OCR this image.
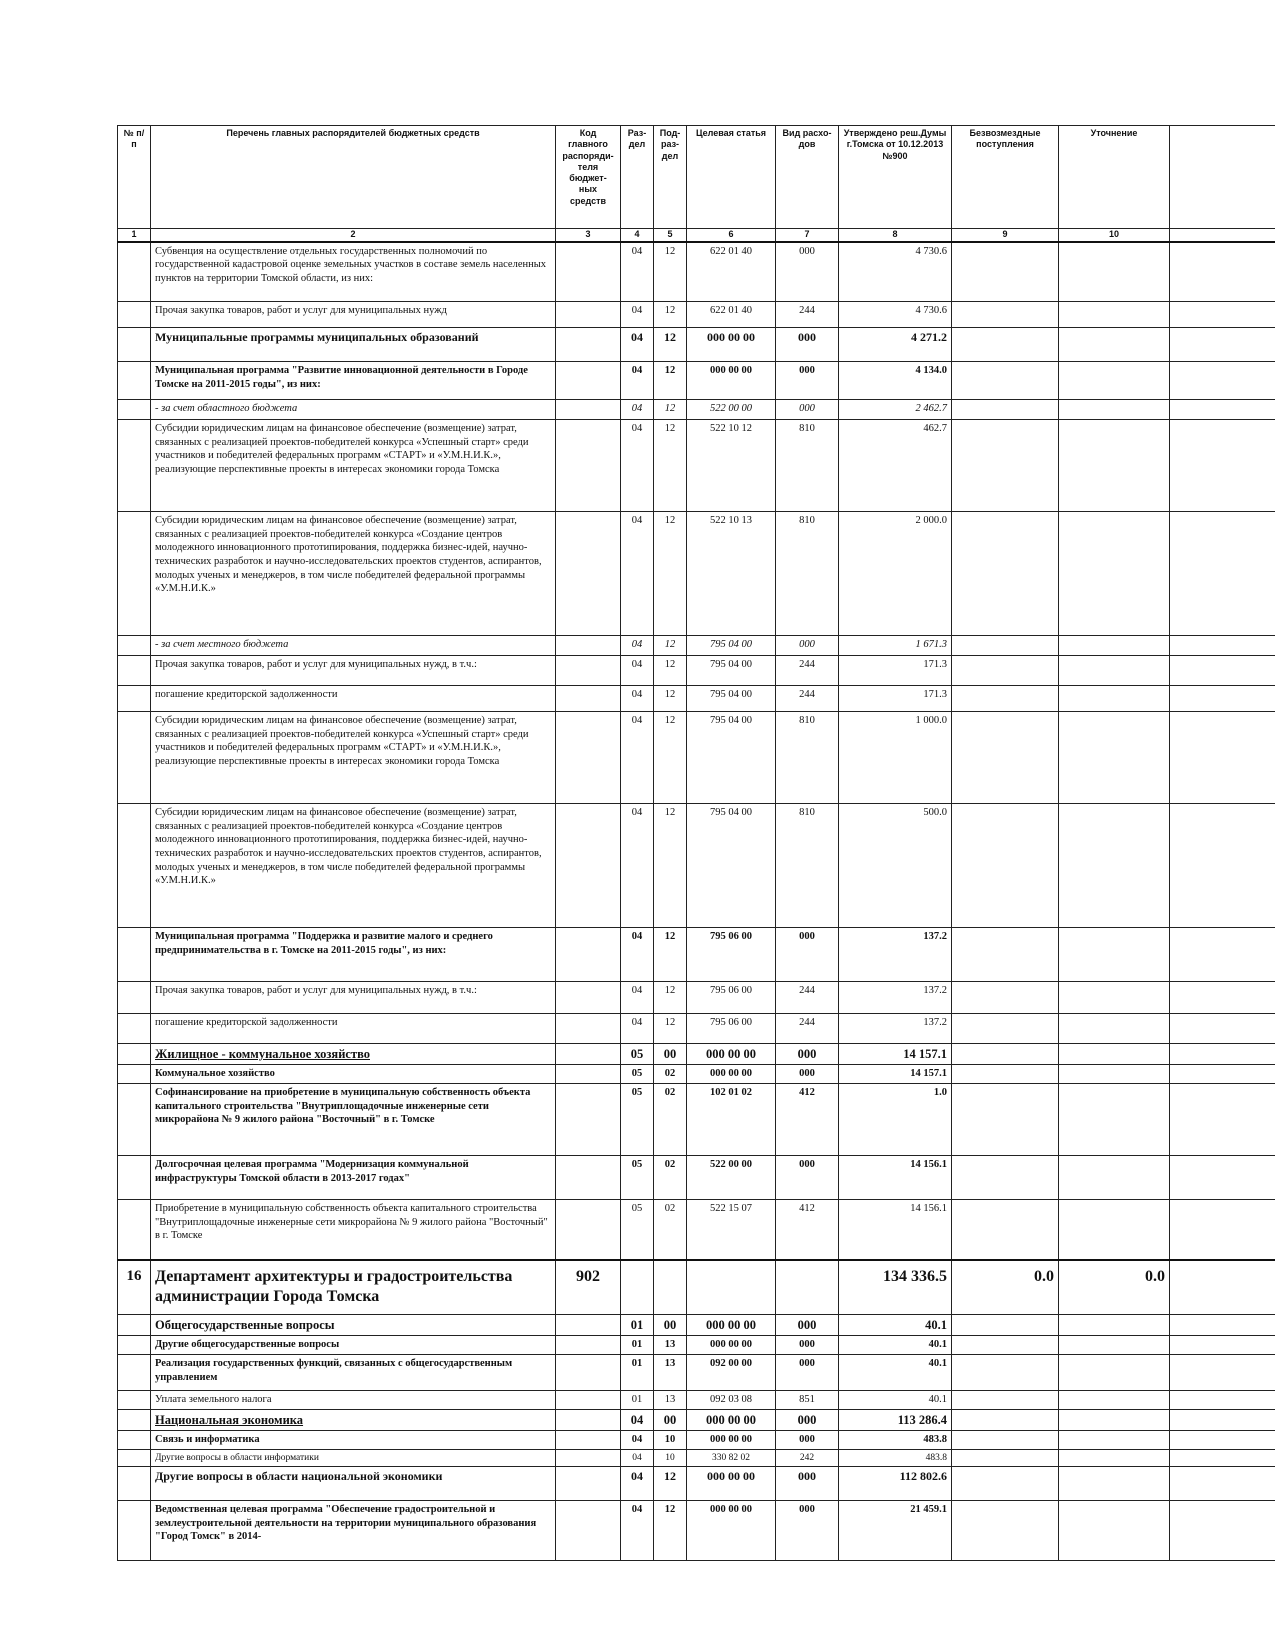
№ п/п	Перечень главных распорядителей бюджетных средств	Код главного распоряди- теля бюджет- ных средств	Раз- дел	Под- раз- дел	Целевая статья	Вид расхо- дов	Утверждено реш.Думы г.Томска от 10.12.2013 №900	Безвозмездные поступления	Уточнение	
1	2	3	4	5	6	7	8	9	10	
	Субвенция на осуществление отдельных государственных полномочий по государственной кадастровой оценке земельных участков в составе земель населенных пунктов на территории Томской области, из них:		04	12	622 01 40	000	4 730.6			
	Прочая закупка товаров, работ и услуг для муниципальных нужд		04	12	622 01 40	244	4 730.6			
	Муниципальные программы муниципальных образований		04	12	000 00 00	000	4 271.2			
	Муниципальная программа "Развитие инновационной деятельности в Городе Томске на 2011-2015 годы", из них:		04	12	000 00 00	000	4 134.0			
	- за счет областного бюджета		04	12	522 00 00	000	2 462.7			
	Субсидии юридическим лицам на финансовое обеспечение (возмещение) затрат, связанных с реализацией проектов-победителей конкурса «Успешный старт» среди участников и победителей федеральных программ «СТАРТ» и «У.М.Н.И.К.», реализующие перспективные проекты в интересах экономики города Томска		04	12	522 10 12	810	462.7			
	Субсидии юридическим лицам на финансовое обеспечение (возмещение) затрат, связанных с реализацией проектов-победителей конкурса «Создание центров молодежного инновационного прототипирования, поддержка бизнес-идей, научно-технических разработок и научно-исследовательских проектов студентов, аспирантов, молодых ученых и менеджеров, в том числе победителей федеральной программы «У.М.Н.И.К.»		04	12	522 10 13	810	2 000.0			
	- за счет местного бюджета		04	12	795 04 00	000	1 671.3			
	Прочая закупка товаров, работ и услуг для муниципальных нужд, в т.ч.:		04	12	795 04 00	244	171.3			
	погашение кредиторской задолженности		04	12	795 04 00	244	171.3			
	Субсидии юридическим лицам на финансовое обеспечение (возмещение) затрат, связанных с реализацией проектов-победителей конкурса «Успешный старт» среди участников и победителей федеральных программ «СТАРТ» и «У.М.Н.И.К.», реализующие перспективные проекты в интересах экономики города Томска		04	12	795 04 00	810	1 000.0			
	Субсидии юридическим лицам на финансовое обеспечение (возмещение) затрат, связанных с реализацией проектов-победителей конкурса «Создание центров молодежного инновационного прототипирования, поддержка бизнес-идей, научно-технических разработок и научно-исследовательских проектов студентов, аспирантов, молодых ученых и менеджеров, в том числе победителей федеральной программы «У.М.Н.И.К.»		04	12	795 04 00	810	500.0			
	Муниципальная программа "Поддержка и развитие малого и среднего предпринимательства в г. Томске на 2011-2015 годы", из них:		04	12	795 06 00	000	137.2			
	Прочая закупка товаров, работ и услуг для муниципальных нужд, в т.ч.:		04	12	795 06 00	244	137.2			
	погашение кредиторской задолженности		04	12	795 06 00	244	137.2			
	Жилищное - коммунальное хозяйство		05	00	000 00 00	000	14 157.1			
	Коммунальное хозяйство		05	02	000 00 00	000	14 157.1			
	Софинансирование на приобретение в муниципальную собственность объекта капитального строительства "Внутриплощадочные инженерные сети микрорайона № 9 жилого района "Восточный" в г. Томске		05	02	102 01 02	412	1.0			
	Долгосрочная целевая программа "Модернизация коммунальной инфраструктуры Томской области в 2013-2017 годах"		05	02	522 00 00	000	14 156.1			
	Приобретение в муниципальную собственность объекта капитального строительства "Внутриплощадочные инженерные сети микрорайона № 9 жилого района "Восточный" в г. Томске		05	02	522 15 07	412	14 156.1			
16	Департамент архитектуры и градостроительства администрации Города Томска	902					134 336.5	0.0	0.0	
	Общегосударственные вопросы		01	00	000 00 00	000	40.1			
	Другие общегосударственные вопросы		01	13	000 00 00	000	40.1			
	Реализация государственных функций, связанных с общегосударственным управлением		01	13	092 00 00	000	40.1			
	Уплата земельного налога		01	13	092 03 08	851	40.1			
	Национальная экономика		04	00	000 00 00	000	113 286.4			
	Связь и информатика		04	10	000 00 00	000	483.8			
	Другие вопросы в области информатики		04	10	330 82 02	242	483.8			
	Другие вопросы в области национальной экономики		04	12	000 00 00	000	112 802.6			
	Ведомственная целевая программа "Обеспечение градостроительной и землеустроительной деятельности на территории муниципального образования "Город Томск" в 2014-		04	12	000 00 00	000	21 459.1			
